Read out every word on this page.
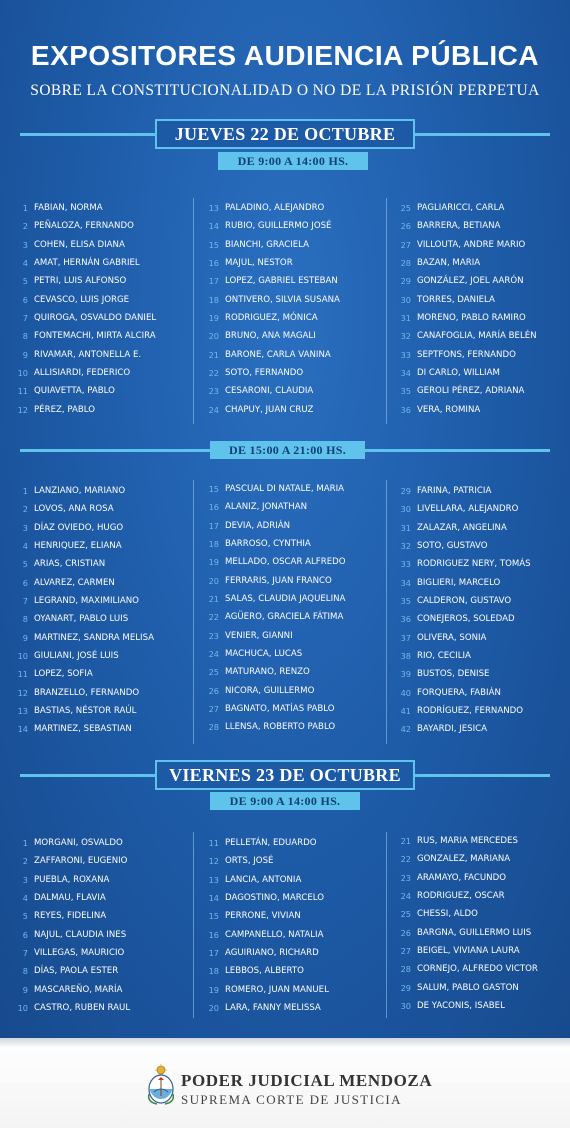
EXPOSITORES AUDIENCIA PÚBLICA
SOBRE LA CONSTITUCIONALIDAD O NO DE LA PRISIÓN PERPETUA
JUEVES 22 DE OCTUBRE
DE 9:00 A 14:00 HS.
1 FABIAN, NORMA
2 PEÑALOZA, FERNANDO
3 COHEN, ELISA DIANA
4 AMAT, HERNÁN GABRIEL
5 PETRI, LUIS ALFONSO
6 CEVASCO, LUIS JORGE
7 QUIROGA, OSVALDO DANIEL
8 FONTEMACHI, MIRTA ALCIRA
9 RIVAMAR, ANTONELLA E.
10 ALLISIARDI, FEDERICO
11 QUIAVETTA, PABLO
12 PÉREZ, PABLO
13 PALADINO, ALEJANDRO
14 RUBIO, GUILLERMO JOSÉ
15 BIANCHI, GRACIELA
16 MAJUL, NESTOR
17 LOPEZ, GABRIEL ESTEBAN
18 ONTIVERO, SILVIA SUSANA
19 RODRIGUEZ, MÓNICA
20 BRUNO, ANA MAGALI
21 BARONE, CARLA VANINA
22 SOTO, FERNANDO
23 CESARONI, CLAUDIA
24 CHAPUY, JUAN CRUZ
25 PAGLIARICCI, CARLA
26 BARRERA, BETIANA
27 VILLOUTA, ANDRE MARIO
28 BAZAN, MARIA
29 GONZÁLEZ, JOEL AARÓN
30 TORRES, DANIELA
31 MORENO, PABLO RAMIRO
32 CANAFOGLIA, MARÍA BELÉN
33 SEPTFONS, FERNANDO
34 DI CARLO, WILLIAM
35 GEROLI PÉREZ, ADRIANA
36 VERA, ROMINA
DE 15:00 A 21:00 HS.
1 LANZIANO, MARIANO
2 LOVOS, ANA ROSA
3 DÍAZ OVIEDO, HUGO
4 HENRIQUEZ, ELIANA
5 ARIAS, CRISTIAN
6 ALVAREZ, CARMEN
7 LEGRAND, MAXIMILIANO
8 OYANART, PABLO LUIS
9 MARTINEZ, SANDRA MELISA
10 GIULIANI, JOSÉ LUIS
11 LOPEZ, SOFIA
12 BRANZELLO, FERNANDO
13 BASTIAS, NÉSTOR RAÚL
14 MARTINEZ, SEBASTIAN
15 PASCUAL DI NATALE, MARIA
16 ALANIZ, JONATHAN
17 DEVIA, ADRIÁN
18 BARROSO, CYNTHIA
19 MELLADO, OSCAR ALFREDO
20 FERRARIS, JUAN FRANCO
21 SALAS, CLAUDIA JAQUELINA
22 AGÜERO, GRACIELA FÁTIMA
23 VENIER, GIANNI
24 MACHUCA, LUCAS
25 MATURANO, RENZO
26 NICORA, GUILLERMO
27 BAGNATO, MATÍAS PABLO
28 LLENSA, ROBERTO PABLO
29 FARINA, PATRICIA
30 LIVELLARA, ALEJANDRO
31 ZALAZAR, ANGELINA
32 SOTO, GUSTAVO
33 RODRIGUEZ NERY, TOMÁS
34 BIGLIERI, MARCELO
35 CALDERON, GUSTAVO
36 CONEJEROS, SOLEDAD
37 OLIVERA, SONIA
38 RIO, CECILIA
39 BUSTOS, DENISE
40 FORQUERA, FABIÁN
41 RODRÍGUEZ, FERNANDO
42 BAYARDI, JESICA
VIERNES 23 DE OCTUBRE
DE 9:00 A 14:00 HS.
1 MORGANI, OSVALDO
2 ZAFFARONI, EUGENIO
3 PUEBLA, ROXANA
4 DALMAU, FLAVIA
5 REYES, FIDELINA
6 NAJUL, CLAUDIA INES
7 VILLEGAS, MAURICIO
8 DÍAS, PAOLA ESTER
9 MASCAREÑO, MARÍA
10 CASTRO, RUBEN RAUL
11 PELLETÁN, EDUARDO
12 ORTS, JOSÉ
13 LANCIA, ANTONIA
14 DAGOSTINO, MARCELO
15 PERRONE, VIVIAN
16 CAMPANELLO, NATALIA
17 AGUIRIANO, RICHARD
18 LEBBOS, ALBERTO
19 ROMERO, JUAN MANUEL
20 LARA, FANNY MELISSA
21 RUS, MARIA MERCEDES
22 GONZALEZ, MARIANA
23 ARAMAYO, FACUNDO
24 RODRIGUEZ, OSCAR
25 CHESSI, ALDO
26 BARGNA, GUILLERMO LUIS
27 BEIGEL, VIVIANA LAURA
28 CORNEJO, ALFREDO VICTOR
29 SALUM, PABLO GASTON
30 DE YACONIS, ISABEL
PODER JUDICIAL MENDOZA
SUPREMA CORTE DE JUSTICIA
